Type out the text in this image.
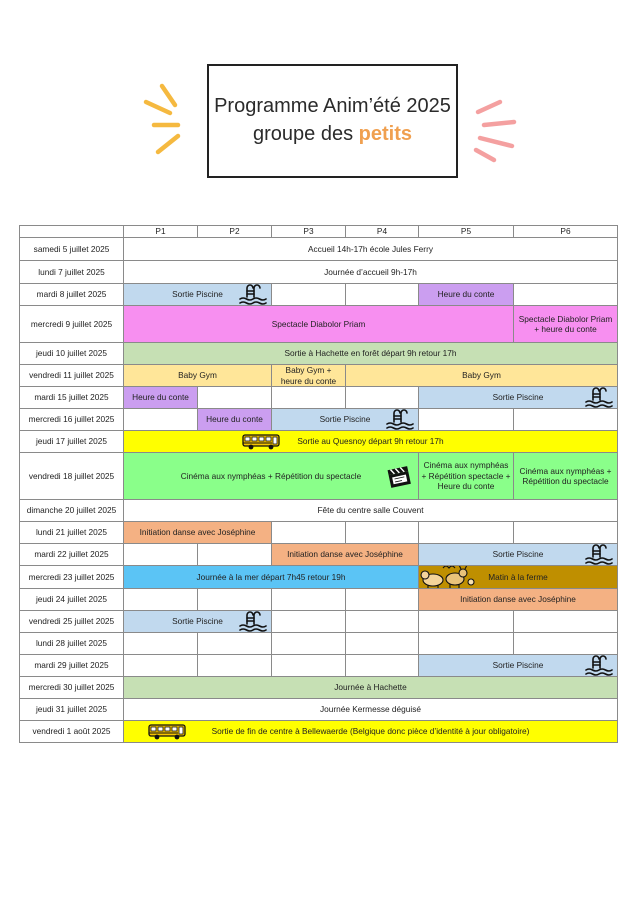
Programme Anim’été 2025
groupe des petits
	P1	P2	P3	P4	P5	P6
samedi 5 juillet 2025	Accueil 14h-17h école Jules Ferry					
lundi 7 juillet 2025	Journée d’accueil 9h-17h					
mardi 8 juillet 2025	Sortie Piscine				Heure du conte	
mercredi 9 juillet 2025	Spectacle Diabolor Priam					Spectacle Diabolor Priam + heure du conte
jeudi 10 juillet 2025	Sortie à Hachette en forêt départ 9h retour 17h					
vendredi 11 juillet 2025	Baby Gym		Baby Gym + heure du conte	Baby Gym		
mardi 15 juillet 2025	Heure du conte				Sortie Piscine	

mercredi 16 juillet 2025		Heure du conte	Sortie Piscine	

jeudi 17 juillet 2025	Sortie au Quesnoy départ 9h retour 17h					

vendredi 18 juillet 2025	Cinéma aux nymphéas + Répétition du spectacle				Cinéma aux nymphéas + Répétition spectacle + Heure du conte	Cinéma aux nymphéas + Répétition du spectacle
dimanche 20 juillet 2025	Fête du centre salle Couvent					
lundi 21 juillet 2025	Initiation danse avec Joséphine					
mardi 22 juillet 2025			Initiation danse avec Joséphine		Sortie Piscine	

mercredi 23 juillet 2025	Journée à la mer départ 7h45 retour 19h				Matin à la ferme	

jeudi 24 juillet 2025					Initiation danse avec Joséphine	
vendredi 25 juillet 2025	Sortie Piscine	

lundi 28 juillet 2025						
mardi 29 juillet 2025					Sortie Piscine	

mercredi 30 juillet 2025	Journée à Hachette					
jeudi 31 juillet 2025	Journée Kermesse déguisé					
vendredi 1 août 2025	Sortie de fin de centre à Bellewaerde (Belgique donc pièce d’identité à jour obligatoire)					
